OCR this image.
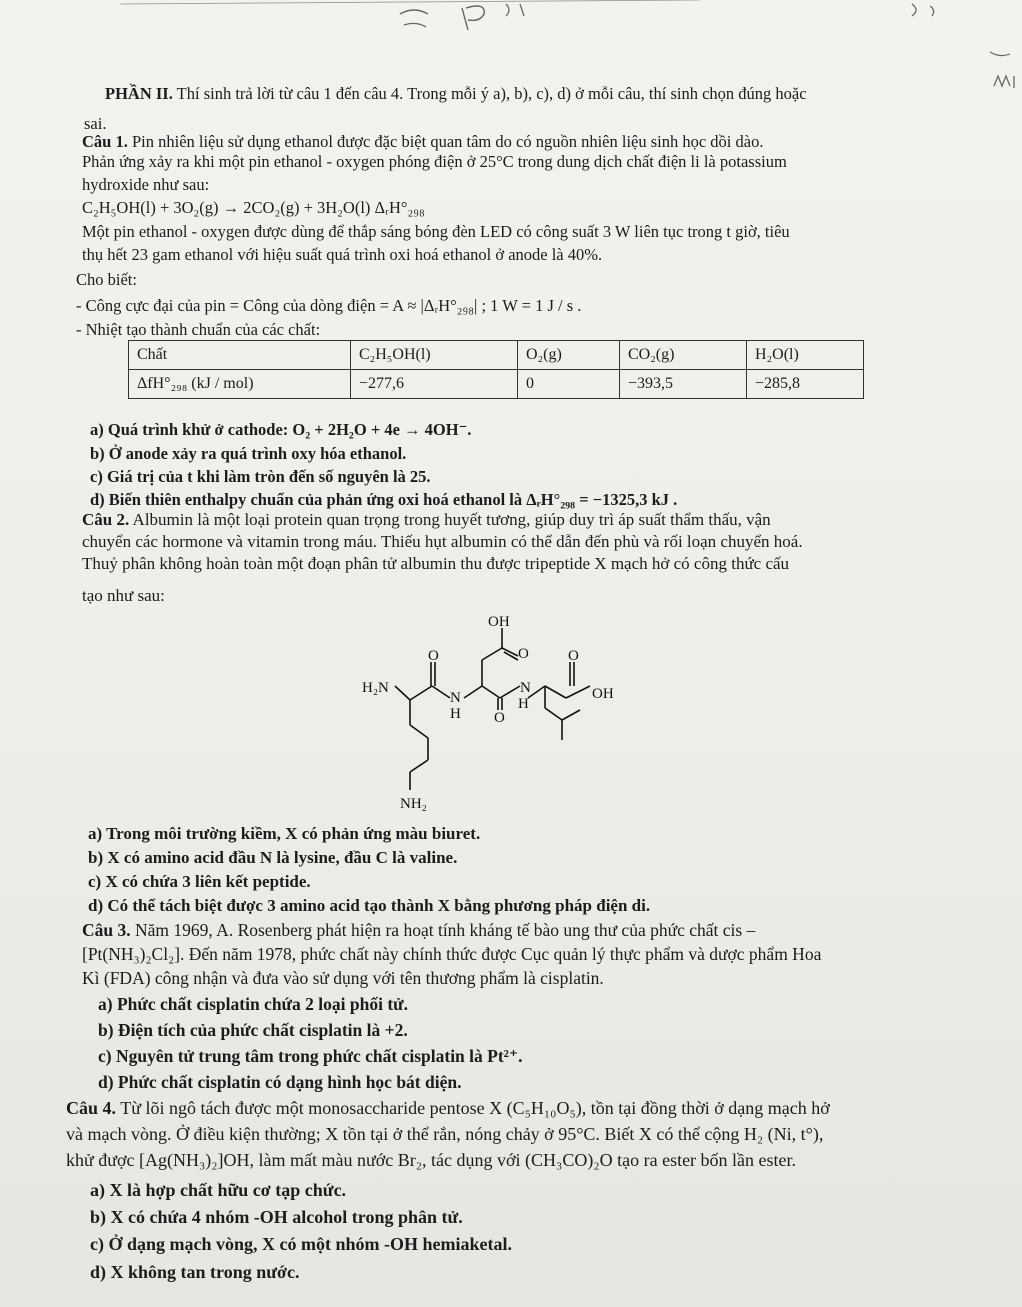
PHẦN II. Thí sinh trả lời từ câu 1 đến câu 4. Trong mỗi ý a), b), c), d) ở mỗi câu, thí sinh chọn đúng hoặc
sai.
Câu 1. Pin nhiên liệu sử dụng ethanol được đặc biệt quan tâm do có nguồn nhiên liệu sinh học dồi dào.
Phản ứng xảy ra khi một pin ethanol - oxygen phóng điện ở 25°C trong dung dịch chất điện li là potassium
hydroxide như sau:
C₂H₅OH(l) + 3O₂(g) → 2CO₂(g) + 3H₂O(l) ΔᵣH°₂₉₈
Một pin ethanol - oxygen được dùng để thắp sáng bóng đèn LED có công suất 3 W liên tục trong t giờ, tiêu
thụ hết 23 gam ethanol với hiệu suất quá trình oxi hoá ethanol ở anode là 40%.
Cho biết:
- Công cực đại của pin = Công của dòng điện = A ≈ |ΔᵣH°₂₉₈| ; 1 W = 1 J / s .
- Nhiệt tạo thành chuẩn của các chất:
Chất	C₂H₅OH(l)	O₂(g)	CO₂(g)	H₂O(l)
ΔfH°₂₉₈ (kJ / mol)	−277,6	0	−393,5	−285,8
a) Quá trình khử ở cathode: O₂ + 2H₂O + 4e → 4OH⁻.
b) Ở anode xảy ra quá trình oxy hóa ethanol.
c) Giá trị của t khi làm tròn đến số nguyên là 25.
d) Biến thiên enthalpy chuẩn của phản ứng oxi hoá ethanol là ΔᵣH°₂₉₈ = −1325,3 kJ .
Câu 2. Albumin là một loại protein quan trọng trong huyết tương, giúp duy trì áp suất thẩm thấu, vận
chuyển các hormone và vitamin trong máu. Thiếu hụt albumin có thể dẫn đến phù và rối loạn chuyển hoá.
Thuỷ phân không hoàn toàn một đoạn phân tử albumin thu được tripeptide X mạch hở có công thức cấu
tạo như sau:
OH
O	O	O
O
H₂N
N
H
N
H
OH
NH₂
a) Trong môi trường kiềm, X có phản ứng màu biuret.
b) X có amino acid đầu N là lysine, đầu C là valine.
c) X có chứa 3 liên kết peptide.
d) Có thể tách biệt được 3 amino acid tạo thành X bằng phương pháp điện di.
Câu 3. Năm 1969, A. Rosenberg phát hiện ra hoạt tính kháng tế bào ung thư của phức chất cis –
[Pt(NH₃)₂Cl₂]. Đến năm 1978, phức chất này chính thức được Cục quản lý thực phẩm và dược phẩm Hoa
Kì (FDA) công nhận và đưa vào sử dụng với tên thương phẩm là cisplatin.
a) Phức chất cisplatin chứa 2 loại phối tử.
b) Điện tích của phức chất cisplatin là +2.
c) Nguyên tử trung tâm trong phức chất cisplatin là Pt²⁺.
d) Phức chất cisplatin có dạng hình học bát diện.
Câu 4. Từ lõi ngô tách được một monosaccharide pentose X (C₅H₁₀O₅), tồn tại đồng thời ở dạng mạch hở
và mạch vòng. Ở điều kiện thường; X tồn tại ở thể rắn, nóng chảy ở 95°C. Biết X có thể cộng H₂ (Ni, t°),
khử được [Ag(NH₃)₂]OH, làm mất màu nước Br₂, tác dụng với (CH₃CO)₂O tạo ra ester bốn lần ester.
a) X là hợp chất hữu cơ tạp chức.
b) X có chứa 4 nhóm -OH alcohol trong phân tử.
c) Ở dạng mạch vòng, X có một nhóm -OH hemiaketal.
d) X không tan trong nước.
